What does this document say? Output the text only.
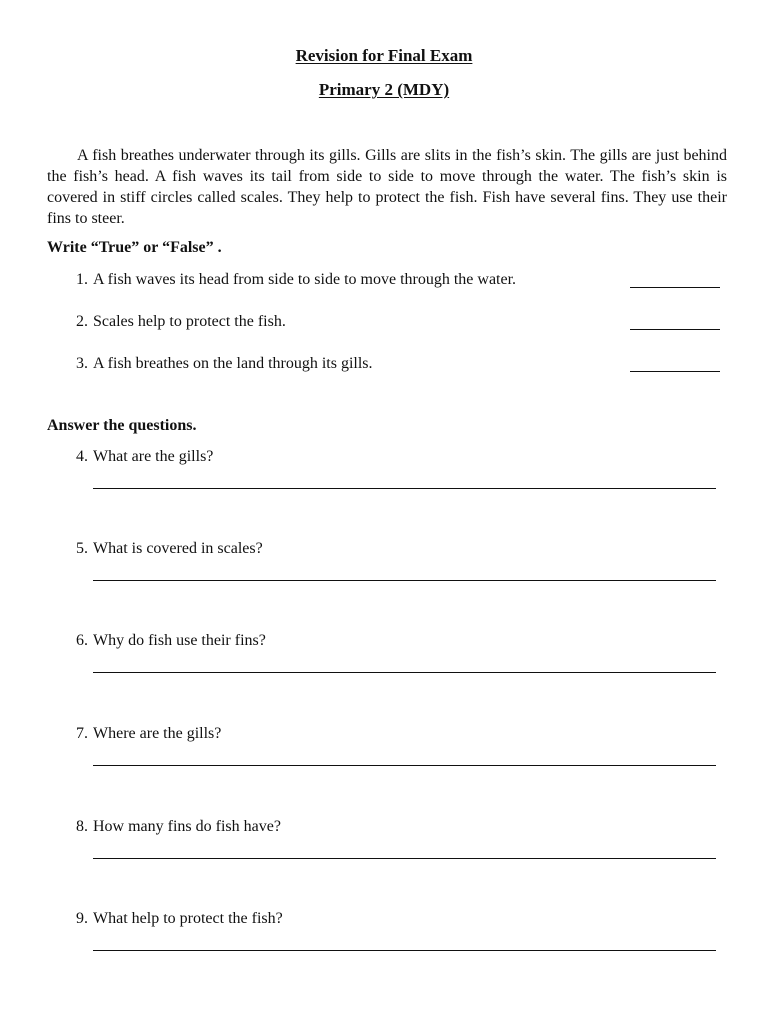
Revision for Final Exam
Primary 2 (MDY)

A fish breathes underwater through its gills. Gills are slits in the fish’s skin. The gills are just behind the fish’s head. A fish waves its tail from side to side to move through the water. The fish’s skin is covered in stiff circles called scales. They help to protect the fish. Fish have several fins. They use their fins to steer.

Write “True” or “False” .
1. A fish waves its head from side to side to move through the water.
2. Scales help to protect the fish.
3. A fish breathes on the land through its gills.
Answer the questions.
4. What are the gills?
5. What is covered in scales?
6. Why do fish use their fins?
7. Where are the gills?
8. How many fins do fish have?
9. What help to protect the fish?
